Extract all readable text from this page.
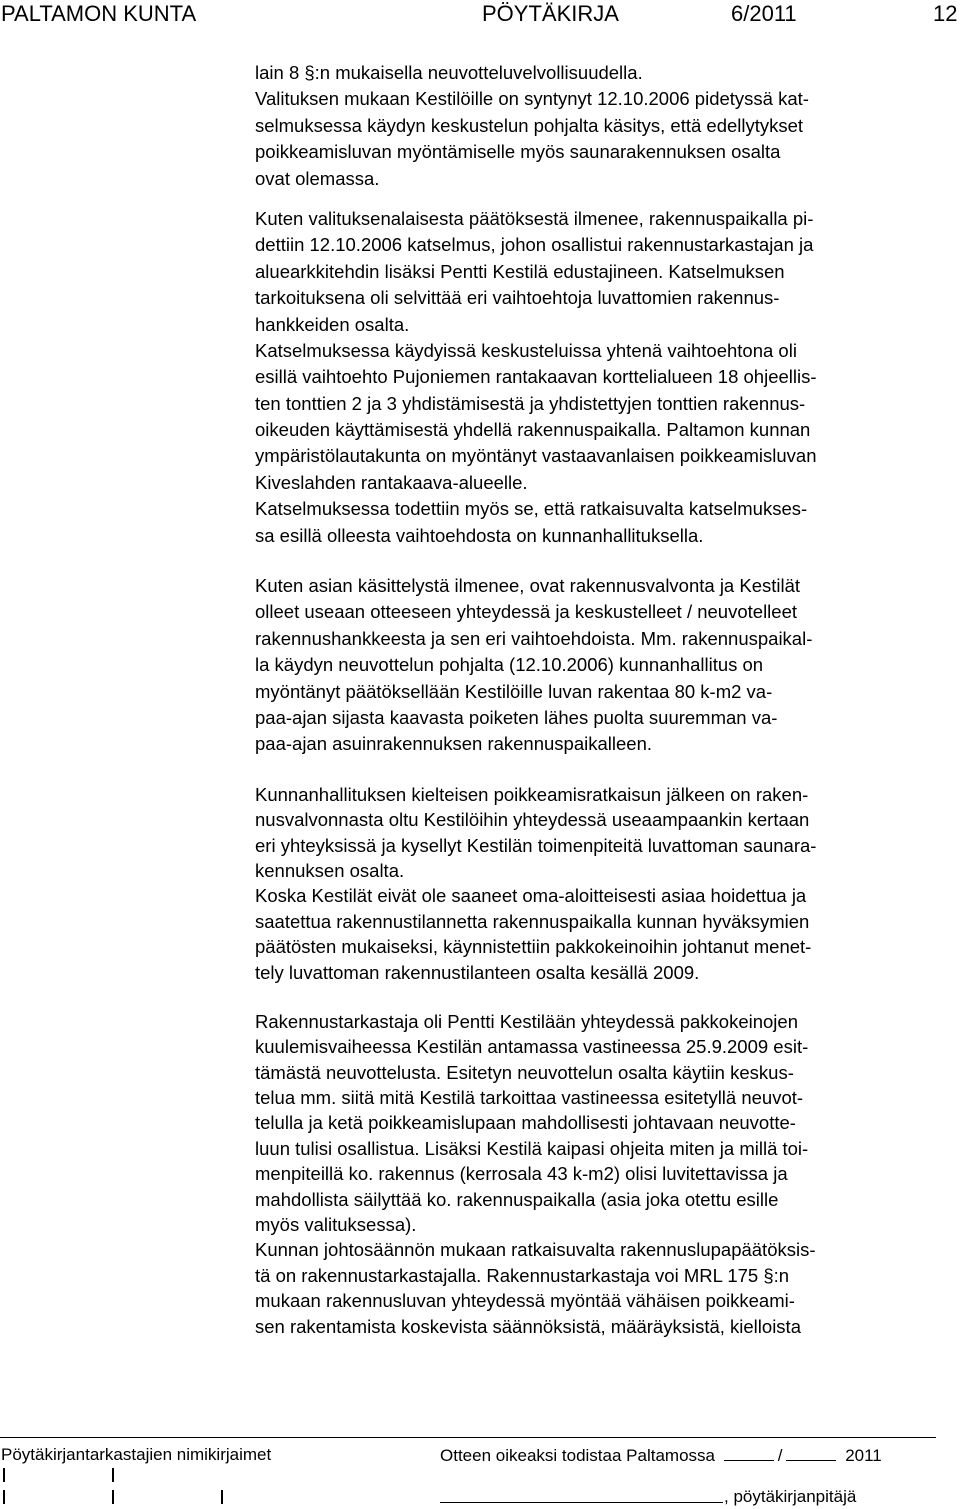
PALTAMON KUNTA	PÖYTÄKIRJA	6/2011	12
lain 8 §:n mukaisella neuvotteluvelvollisuudella.
Valituksen mukaan Kestilöille on syntynyt 12.10.2006 pidetyssä kat-
selmuksessa käydyn keskustelun pohjalta käsitys, että edellytykset
poikkeamisluvan myöntämiselle myös saunarakennuksen osalta
ovat olemassa.
Kuten valituksenalaisesta päätöksestä ilmenee, rakennuspaikalla pi-
dettiin 12.10.2006 katselmus, johon osallistui rakennustarkastajan ja
aluearkkitehdin lisäksi Pentti Kestilä edustajineen. Katselmuksen
tarkoituksena oli selvittää eri vaihtoehtoja luvattomien rakennus-
hankkeiden osalta.
Katselmuksessa käydyissä keskusteluissa yhtenä vaihtoehtona oli
esillä vaihtoehto Pujoniemen rantakaavan korttelialueen 18 ohjeellis-
ten tonttien 2 ja 3 yhdistämisestä ja yhdistettyjen tonttien rakennus-
oikeuden käyttämisestä yhdellä rakennuspaikalla. Paltamon kunnan
ympäristölautakunta on myöntänyt vastaavanlaisen poikkeamisluvan
Kiveslahden rantakaava-alueelle.
Katselmuksessa todettiin myös se, että ratkaisuvalta katselmukses-
sa esillä olleesta vaihtoehdosta on kunnanhallituksella.
Kuten asian käsittelystä ilmenee, ovat rakennusvalvonta ja Kestilät
olleet useaan otteeseen yhteydessä ja keskustelleet / neuvotelleet
rakennushankkeesta ja sen eri vaihtoehdoista. Mm. rakennuspaikal-
la käydyn neuvottelun pohjalta (12.10.2006) kunnanhallitus on
myöntänyt päätöksellään Kestilöille luvan rakentaa 80 k-m2 va-
paa-ajan sijasta kaavasta poiketen lähes puolta suuremman va-
paa-ajan asuinrakennuksen rakennuspaikalleen.
Kunnanhallituksen kielteisen poikkeamisratkaisun jälkeen on raken-
nusvalvonnasta oltu Kestilöihin yhteydessä useaampaankin kertaan
eri yhteyksissä ja kysellyt Kestilän toimenpiteitä luvattoman saunara-
kennuksen osalta.
Koska Kestilät eivät ole saaneet oma-aloitteisesti asiaa hoidettua ja
saatettua rakennustilannetta rakennuspaikalla kunnan hyväksymien
päätösten mukaiseksi, käynnistettiin pakkokeinoihin johtanut menet-
tely luvattoman rakennustilanteen osalta kesällä 2009.
Rakennustarkastaja oli Pentti Kestilään yhteydessä pakkokeinojen
kuulemisvaiheessa Kestilän antamassa vastineessa 25.9.2009 esit-
tämästä neuvottelusta. Esitetyn neuvottelun osalta käytiin keskus-
telua mm. siitä mitä Kestilä tarkoittaa vastineessa esitetyllä neuvot-
telulla ja ketä poikkeamislupaan mahdollisesti johtavaan neuvotte-
luun tulisi osallistua. Lisäksi Kestilä kaipasi ohjeita miten ja millä toi-
menpiteillä ko. rakennus (kerrosala 43 k-m2) olisi luvitettavissa ja
mahdollista säilyttää ko. rakennuspaikalla (asia joka otettu esille
myös valituksessa).
Kunnan johtosäännön mukaan ratkaisuvalta rakennuslupapäätöksis-
tä on rakennustarkastajalla. Rakennustarkastaja voi MRL 175 §:n
mukaan rakennusluvan yhteydessä myöntää vähäisen poikkeami-
sen rakentamista koskevista säännöksistä, määräyksistä, kielloista
Pöytäkirjantarkastajien nimikirjaimet	Otteen oikeaksi todistaa Paltamossa	/	2011
, pöytäkirjanpitäjä
